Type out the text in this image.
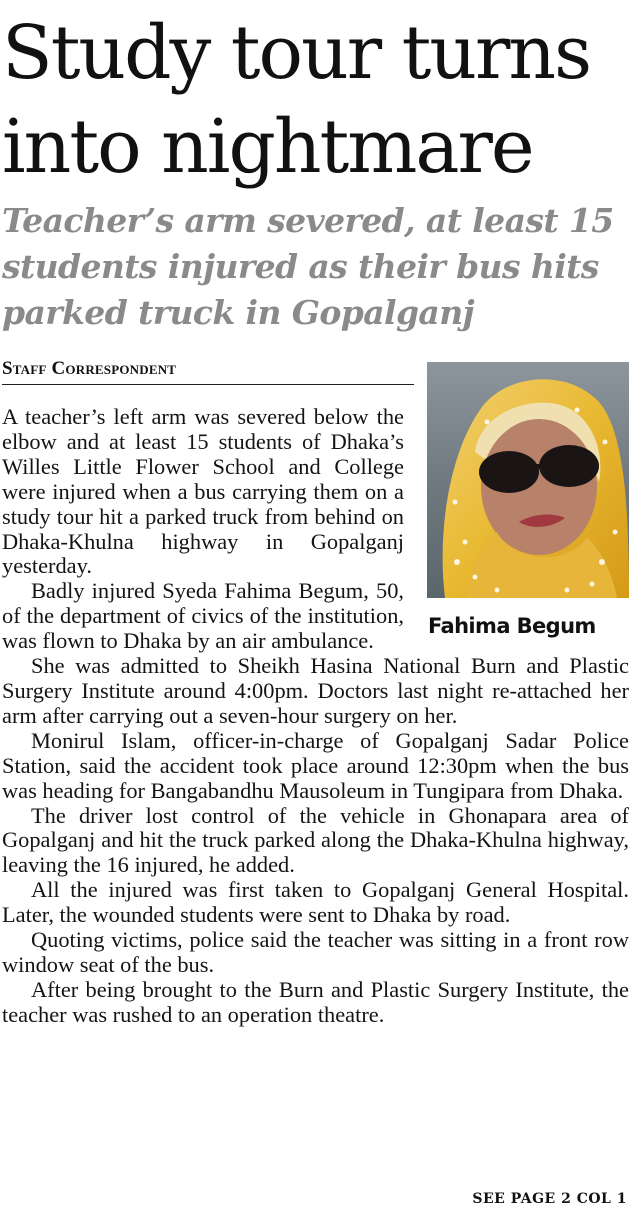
Study tour turns into nightmare
Teacher’s arm severed, at least 15 students injured as their bus hits parked truck in Gopalganj
Staff Correspondent
Fahima Begum

A teacher’s left arm was severed below the elbow and at least 15 students of Dhaka’s Willes Little Flower School and College were injured when a bus carrying them on a study tour hit a parked truck from behind on Dhaka-Khulna highway in Gopalganj yesterday.

Badly injured Syeda Fahima Begum, 50, of the department of civics of the institution, was flown to Dhaka by an air ambulance.

She was admitted to Sheikh Hasina National Burn and Plastic Surgery Institute around 4:00pm. Doctors last night re-attached her arm after carrying out a seven-hour surgery on her.

Monirul Islam, officer-in-charge of Gopalganj Sadar Police Station, said the accident took place around 12:30pm when the bus was heading for Bangabandhu Mausoleum in Tungipara from Dhaka.

The driver lost control of the vehicle in Ghonapara area of Gopalganj and hit the truck parked along the Dhaka-Khulna highway, leaving the 16 injured, he added.

All the injured was first taken to Gopalganj General Hospital. Later, the wounded students were sent to Dhaka by road.

Quoting victims, police said the teacher was sitting in a front row window seat of the bus.

After being brought to the Burn and Plastic Surgery Institute, the teacher was rushed to an operation theatre.

SEE PAGE 2 COL 1
